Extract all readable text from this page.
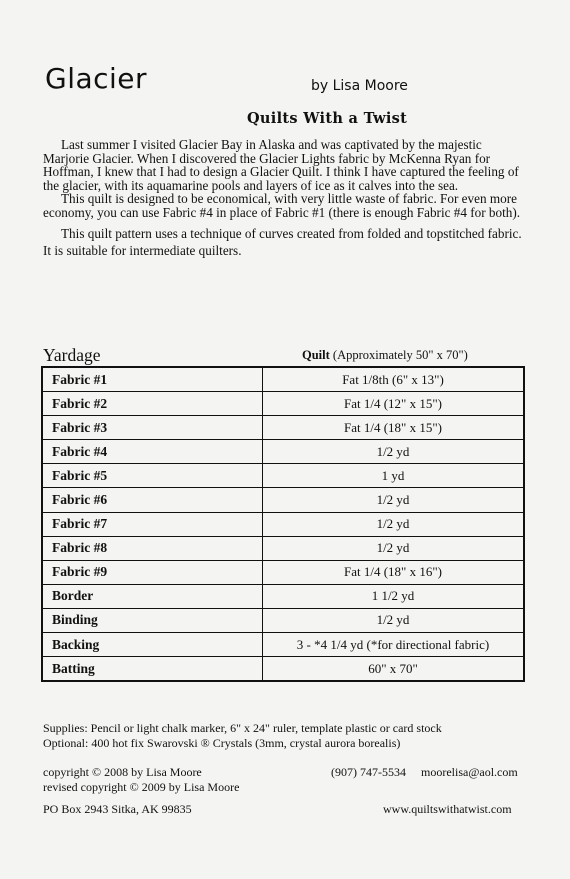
Glacier	by Lisa Moore
Quilts With a Twist

Last summer I visited Glacier Bay in Alaska and was captivated by the majestic Marjorie Glacier. When I discovered the Glacier Lights fabric by McKenna Ryan for Hoffman, I knew that I had to design a Glacier Quilt. I think I have captured the feeling of the glacier, with its aquamarine pools and layers of ice as it calves into the sea.

This quilt is designed to be economical, with very little waste of fabric. For even more economy, you can use Fabric #4 in place of Fabric #1 (there is enough Fabric #4 for both).

This quilt pattern uses a technique of curves created from folded and topstitched fabric. It is suitable for intermediate quilters.

Yardage	Quilt (Approximately 50" x 70")
Fabric #1	Fat 1/8th (6" x 13")
Fabric #2	Fat 1/4 (12" x 15")
Fabric #3	Fat 1/4 (18" x 15")
Fabric #4	1/2 yd
Fabric #5	1 yd
Fabric #6	1/2 yd
Fabric #7	1/2 yd
Fabric #8	1/2 yd
Fabric #9	Fat 1/4 (18" x 16")
Border	1 1/2 yd
Binding	1/2 yd
Backing	3 - *4 1/4 yd (*for directional fabric)
Batting	60" x 70"
Supplies: Pencil or light chalk marker, 6" x 24" ruler, template plastic or card stock
Optional: 400 hot fix Swarovski ® Crystals (3mm, crystal aurora borealis)
copyright © 2008 by Lisa Moore
revised copyright © 2009 by Lisa Moore
PO Box 2943 Sitka, AK 99835
(907) 747-5534 moorelisa@aol.com
www.quiltswithatwist.com
